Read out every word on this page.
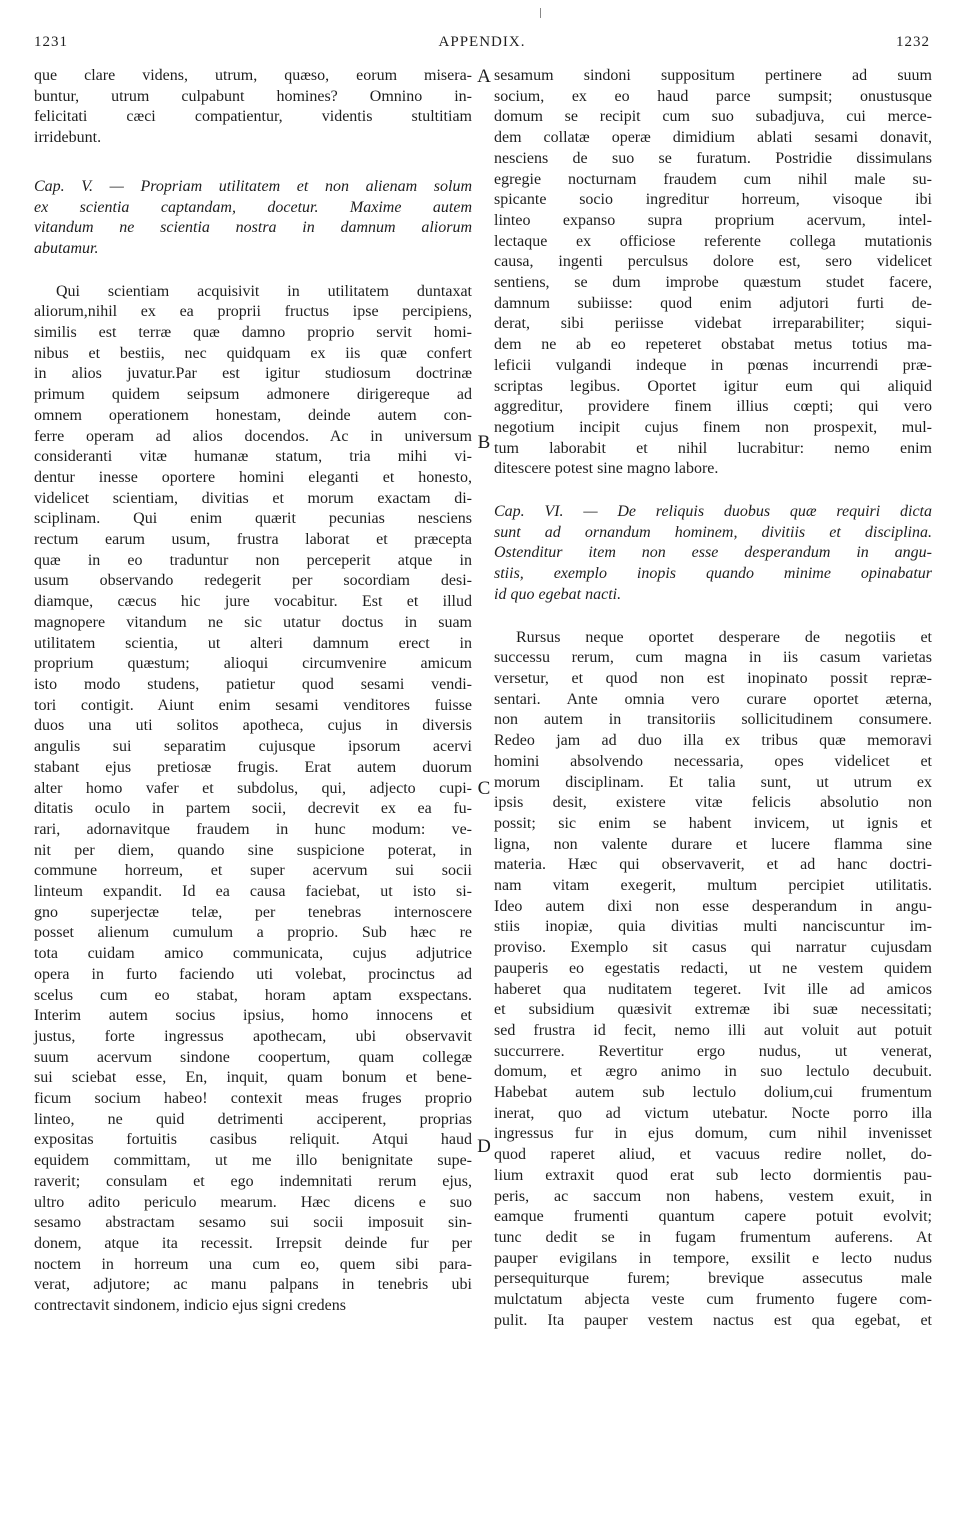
1231	APPENDIX.	1232
A
B
C
D

que clare videns, utrum, quæso, eorum misera-
buntur, utrum culpabunt homines? Omnino in-
felicitati cæci compatientur, videntis stultitiam
irridebunt.

Cap. V. — Propriam utilitatem et non alienam solum
ex scientia captandam, docetur. Maxime autem
vitandum ne scientia nostra in damnum aliorum
abutamur.

Qui scientiam acquisivit in utilitatem duntaxat
aliorum,nihil ex ea proprii fructus ipse percipiens,
similis est terræ quæ damno proprio servit homi-
nibus et bestiis, nec quidquam ex iis quæ confert
in alios juvatur.Par est igitur studiosum doctrinæ
primum quidem seipsum admonere dirigereque ad
omnem operationem honestam, deinde autem con-
ferre operam ad alios docendos. Ac in universum
consideranti vitæ humanæ statum, tria mihi vi-
dentur inesse oportere homini eleganti et honesto,
videlicet scientiam, divitias et morum exactam di-
sciplinam. Qui enim quærit pecunias nesciens
rectum earum usum, frustra laborat et præcepta
quæ in eo traduntur non perceperit atque in
usum observando redegerit per socordiam desi-
diamque, cæcus hic jure vocabitur. Est et illud
magnopere vitandum ne sic utatur doctus in suam
utilitatem scientia, ut alteri damnum erect in
proprium quæstum; alioqui circumvenire amicum
isto modo studens, patietur quod sesami vendi-
tori contigit. Aiunt enim sesami venditores fuisse
duos una uti solitos apotheca, cujus in diversis
angulis sui separatim cujusque ipsorum acervi
stabant ejus pretiosæ frugis. Erat autem duorum
alter homo vafer et subdolus, qui, adjecto cupi-
ditatis oculo in partem socii, decrevit ex ea fu-
rari, adornavitque fraudem in hunc modum: ve-
nit per diem, quando sine suspicione poterat, in
commune horreum, et super acervum sui socii
linteum expandit. Id ea causa faciebat, ut isto si-
gno superjectæ telæ, per tenebras internoscere
posset alienum cumulum a proprio. Sub hæc re
tota cuidam amico communicata, cujus adjutrice
opera in furto faciendo uti volebat, procinctus ad
scelus cum eo stabat, horam aptam exspectans.
Interim autem socius ipsius, homo innocens et
justus, forte ingressus apothecam, ubi observavit
suum acervum sindone coopertum, quam collegæ
sui sciebat esse, En, inquit, quam bonum et bene-
ficum socium habeo! contexit meas fruges proprio
linteo, ne quid detrimenti acciperent, proprias
expositas fortuitis casibus reliquit. Atqui haud
equidem committam, ut me illo benignitate supe-
raverit; consulam et ego indemnitati rerum ejus,
ultro adito periculo mearum. Hæc dicens e suo
sesamo abstractam sesamo sui socii imposuit sin-
donem, atque ita recessit. Irrepsit deinde fur per
noctem in horreum una cum eo, quem sibi para-
verat, adjutore; ac manu palpans in tenebris ubi
contrectavit sindonem, indicio ejus signi credens

sesamum sindoni suppositum pertinere ad suum
socium, ex eo haud parce sumpsit; onustusque
domum se recipit cum suo subadjuva, cui merce-
dem collatæ operæ dimidium ablati sesami donavit,
nesciens de suo se furatum. Postridie dissimulans
egregie nocturnam fraudem cum nihil male su-
spicante socio ingreditur horreum, visoque ibi
linteo expanso supra proprium acervum, intel-
lectaque ex officiose referente collega mutationis
causa, ingenti perculsus dolore est, sero videlicet
sentiens, se dum improbe quæstum studet facere,
damnum subiisse: quod enim adjutori furti de-
derat, sibi periisse videbat irreparabiliter; siqui-
dem ne ab eo repeteret obstabat metus totius ma-
leficii vulgandi indeque in pœnas incurrendi præ-
scriptas legibus. Oportet igitur eum qui aliquid
aggreditur, providere finem illius cœpti; qui vero
negotium incipit cujus finem non prospexit, mul-
tum laborabit et nihil lucrabitur: nemo enim
ditescere potest sine magno labore.

Cap. VI. — De reliquis duobus quæ requiri dicta
sunt ad ornandum hominem, divitiis et disciplina.
Ostenditur item non esse desperandum in angu-
stiis, exemplo inopis quando minime opinabatur
id quo egebat nacti.

Rursus neque oportet desperare de negotiis et
successu rerum, cum magna in iis casum varietas
versetur, et quod non est inopinato possit repræ-
sentari. Ante omnia vero curare oportet æterna,
non autem in transitoriis sollicitudinem consumere.
Redeo jam ad duo illa ex tribus quæ memoravi
homini absolvendo necessaria, opes videlicet et
morum disciplinam. Et talia sunt, ut utrum ex
ipsis desit, existere vitæ felicis absolutio non
possit; sic enim se habent invicem, ut ignis et
ligna, non valente durare et lucere flamma sine
materia. Hæc qui observaverit, et ad hanc doctri-
nam vitam exegerit, multum percipiet utilitatis.
Ideo autem dixi non esse desperandum in angu-
stiis inopiæ, quia divitias multi nanciscuntur im-
proviso. Exemplo sit casus qui narratur cujusdam
pauperis eo egestatis redacti, ut ne vestem quidem
haberet qua nuditatem tegeret. Ivit ille ad amicos
et subsidium quæsivit extremæ ibi suæ necessitati;
sed frustra id fecit, nemo illi aut voluit aut potuit
succurrere. Revertitur ergo nudus, ut venerat,
domum, et ægro animo in suo lectulo decubuit.
Habebat autem sub lectulo dolium,cui frumentum
inerat, quo ad victum utebatur. Nocte porro illa
ingressus fur in ejus domum, cum nihil invenisset
quod raperet aliud, et vacuus redire nollet, do-
lium extraxit quod erat sub lecto dormientis pau-
peris, ac saccum non habens, vestem exuit, in
eamque frumenti quantum capere potuit evolvit;
tunc dedit se in fugam frumentum auferens. At
pauper evigilans in tempore, exsilit e lecto nudus
persequiturque furem; brevique assecutus male
mulctatum abjecta veste cum frumento fugere com-
pulit. Ita pauper vestem nactus est qua egebat, et
